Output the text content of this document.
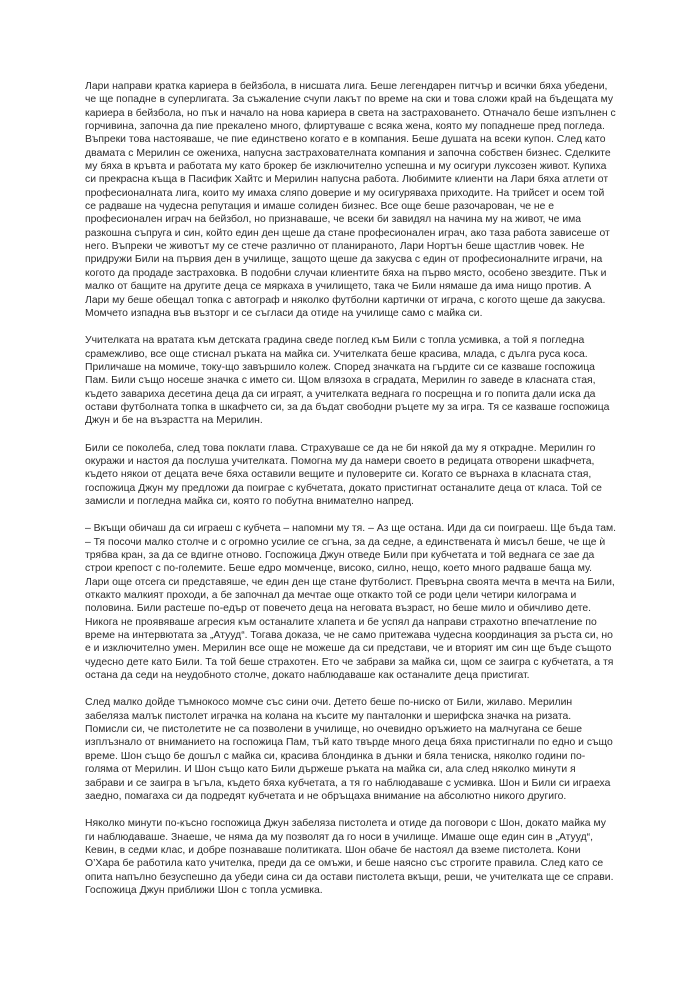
Лари направи кратка кариера в бейзбола, в нисшата лига. Беше легендарен питчър и всички бяха убедени, че ще попадне в суперлигата. За съжаление счупи лакът по време на ски и това сложи край на бъдещата му кариера в бейзбола, но пък и начало на нова кариера в света на застраховането. Отначало беше изпълнен с горчивина, започна да пие прекалено много, флиртуваше с всяка жена, която му попаднеше пред погледа. Въпреки това настояваше, че пие единствено когато е в компания. Беше душата на всеки купон. След като двамата с Мерилин се ожениха, напусна застрахователната компания и започна собствен бизнес. Сделките му бяха в кръвта и работата му като брокер бе изключително успешна и му осигури луксозен живот. Купиха си прекрасна къща в Пасифик Хайтс и Мерилин напусна работа. Любимите клиенти на Лари бяха атлети от професионалната лига, които му имаха сляпо доверие и му осигуряваха приходите. На трийсет и осем той се радваше на чудесна репутация и имаше солиден бизнес. Все още беше разочарован, че не е професионален играч на бейзбол, но признаваше, че всеки би завидял на начина му на живот, че има разкошна съпруга и син, който един ден щеше да стане професионален играч, ако таза работа зависеше от него. Въпреки че животът му се стече различно от планираното, Лари Нортън беше щастлив човек. Не придружи Били на първия ден в училище, защото щеше да закусва с един от професионалните играчи, на когото да продаде застраховка. В подобни случаи клиентите бяха на първо място, особено звездите. Пък и малко от бащите на другите деца се мяркаха в училището, така че Били нямаше да има нищо против. А Лари му беше обещал топка с автограф и няколко футболни картички от играча, с когото щеше да закусва. Момчето изпадна във възторг и се съгласи да отиде на училище само с майка си.

Учителката на вратата към детската градина сведе поглед към Били с топла усмивка, а той я погледна срамежливо, все още стиснал ръката на майка си. Учителката беше красива, млада, с дълга руса коса. Приличаше на момиче, току-що завършило колеж. Според значката на гърдите си се казваше госпожица Пам. Били също носеше значка с името си. Щом влязоха в сградата, Мерилин го заведе в класната стая, където завариха десетина деца да си играят, а учителката веднага го посрещна и го попита дали иска да остави футболната топка в шкафчето си, за да бъдат свободни ръцете му за игра. Тя се казваше госпожица Джун и бе на възрастта на Мерилин.

Били се поколеба, след това поклати глава. Страхуваше се да не би някой да му я открадне. Мерилин го окуражи и настоя да послуша учителката. Помогна му да намери своето в редицата отворени шкафчета, където някои от децата вече бяха оставили вещите и пуловерите си. Когато се върнаха в класната стая, госпожица Джун му предложи да поиграе с кубчетата, докато пристигнат останалите деца от класа. Той се замисли и погледна майка си, която го побутна внимателно напред.

– Вкъщи обичаш да си играеш с кубчета – напомни му тя. – Аз ще остана. Иди да си поиграеш. Ще бъда там. – Тя посочи малко столче и с огромно усилие се сгъна, за да седне, а единствената ѝ мисъл беше, че ще ѝ трябва кран, за да се вдигне отново. Госпожица Джун отведе Били при кубчетата и той веднага се зае да строи крепост с по-големите. Беше едро момченце, високо, силно, нещо, което много радваше баща му. Лари още отсега си представяше, че един ден ще стане футболист. Превърна своята мечта в мечта на Били, откакто малкият проходи, а бе започнал да мечтае още откакто той се роди цели четири килограма и половина. Били растеше по-едър от повечето деца на неговата възраст, но беше мило и обичливо дете. Никога не проявяваше агресия към останалите хлапета и бе успял да направи страхотно впечатление по време на интервютата за „Атууд“. Тогава доказа, че не само притежава чудесна координация за ръста си, но е и изключително умен. Мерилин все още не можеше да си представи, че и вторият им син ще бъде същото чудесно дете като Били. Та той беше страхотен. Ето че забрави за майка си, щом се заигра с кубчетата, а тя остана да седи на неудобното столче, докато наблюдаваше как останалите деца пристигат.

След малко дойде тъмнокосо момче със сини очи. Детето беше по-ниско от Били, жилаво. Мерилин забеляза малък пистолет играчка на колана на късите му панталонки и шерифска значка на ризата. Помисли си, че пистолетите не са позволени в училище, но очевидно оръжието на малчугана се беше изплъзнало от вниманието на госпожица Пам, тъй като твърде много деца бяха пристигнали по едно и също време. Шон също бе дошъл с майка си, красива блондинка в дънки и бяла тениска, няколко години по-голяма от Мерилин. И Шон също като Били държеше ръката на майка си, ала след няколко минути я забрави и се заигра в ъгъла, където бяха кубчетата, а тя го наблюдаваше с усмивка. Шон и Били си играеха заедно, помагаха си да подредят кубчетата и не обръщаха внимание на абсолютно никого другиго.

Няколко минути по-късно госпожица Джун забеляза пистолета и отиде да поговори с Шон, докато майка му ги наблюдаваше. Знаеше, че няма да му позволят да го носи в училище. Имаше още един син в „Атууд“, Кевин, в седми клас, и добре познаваше политиката. Шон обаче бе настоял да вземе пистолета. Кони О’Хара бе работила като учителка, преди да се омъжи, и беше наясно със строгите правила. След като се опита напълно безуспешно да убеди сина си да остави пистолета вкъщи, реши, че учителката ще се справи. Госпожица Джун приближи Шон с топла усмивка.
